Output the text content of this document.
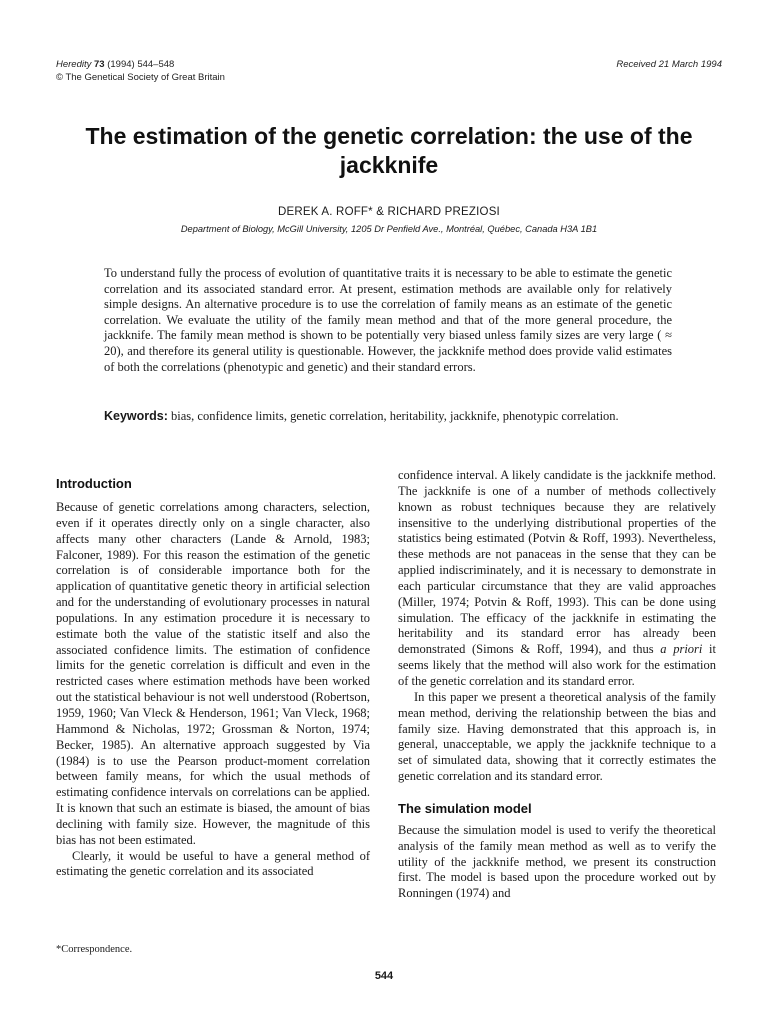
Heredity 73 (1994) 544–548
© The Genetical Society of Great Britain
Received 21 March 1994
The estimation of the genetic correlation: the use of the jackknife
DEREK A. ROFF* & RICHARD PREZIOSI
Department of Biology, McGill University, 1205 Dr Penfield Ave., Montréal, Québec, Canada H3A 1B1

To understand fully the process of evolution of quantitative traits it is necessary to be able to estimate the genetic correlation and its associated standard error. At present, estimation methods are available only for relatively simple designs. An alternative procedure is to use the correlation of family means as an estimate of the genetic correlation. We evaluate the utility of the family mean method and that of the more general procedure, the jackknife. The family mean method is shown to be potentially very biased unless family sizes are very large ( ≈ 20), and therefore its general utility is questionable. However, the jackknife method does provide valid estimates of both the correlations (phenotypic and genetic) and their standard errors.

Keywords: bias, confidence limits, genetic correlation, heritability, jackknife, phenotypic correlation.

Introduction

Because of genetic correlations among characters, selection, even if it operates directly only on a single character, also affects many other characters (Lande & Arnold, 1983; Falconer, 1989). For this reason the estimation of the genetic correlation is of considerable importance both for the application of quantitative genetic theory in artificial selection and for the understanding of evolutionary processes in natural populations. In any estimation procedure it is necessary to estimate both the value of the statistic itself and also the associated confidence limits. The estimation of confidence limits for the genetic correlation is difficult and even in the restricted cases where estimation methods have been worked out the statistical behaviour is not well understood (Robertson, 1959, 1960; Van Vleck & Henderson, 1961; Van Vleck, 1968; Hammond & Nicholas, 1972; Grossman & Norton, 1974; Becker, 1985). An alternative approach suggested by Via (1984) is to use the Pearson product-moment correlation between family means, for which the usual methods of estimating confidence intervals on correlations can be applied. It is known that such an estimate is biased, the amount of bias declining with family size. However, the magnitude of this bias has not been estimated.

Clearly, it would be useful to have a general method of estimating the genetic correlation and its associated

confidence interval. A likely candidate is the jackknife method. The jackknife is one of a number of methods collectively known as robust techniques because they are relatively insensitive to the underlying distributional properties of the statistics being estimated (Potvin & Roff, 1993). Nevertheless, these methods are not panaceas in the sense that they can be applied indiscriminately, and it is necessary to demonstrate in each particular circumstance that they are valid approaches (Miller, 1974; Potvin & Roff, 1993). This can be done using simulation. The efficacy of the jackknife in estimating the heritability and its standard error has already been demonstrated (Simons & Roff, 1994), and thus a priori it seems likely that the method will also work for the estimation of the genetic correlation and its standard error.

In this paper we present a theoretical analysis of the family mean method, deriving the relationship between the bias and family size. Having demonstrated that this approach is, in general, unacceptable, we apply the jackknife technique to a set of simulated data, showing that it correctly estimates the genetic correlation and its standard error.

The simulation model

Because the simulation model is used to verify the theoretical analysis of the family mean method as well as to verify the utility of the jackknife method, we present its construction first. The model is based upon the procedure worked out by Ronningen (1974) and

*Correspondence.
544
